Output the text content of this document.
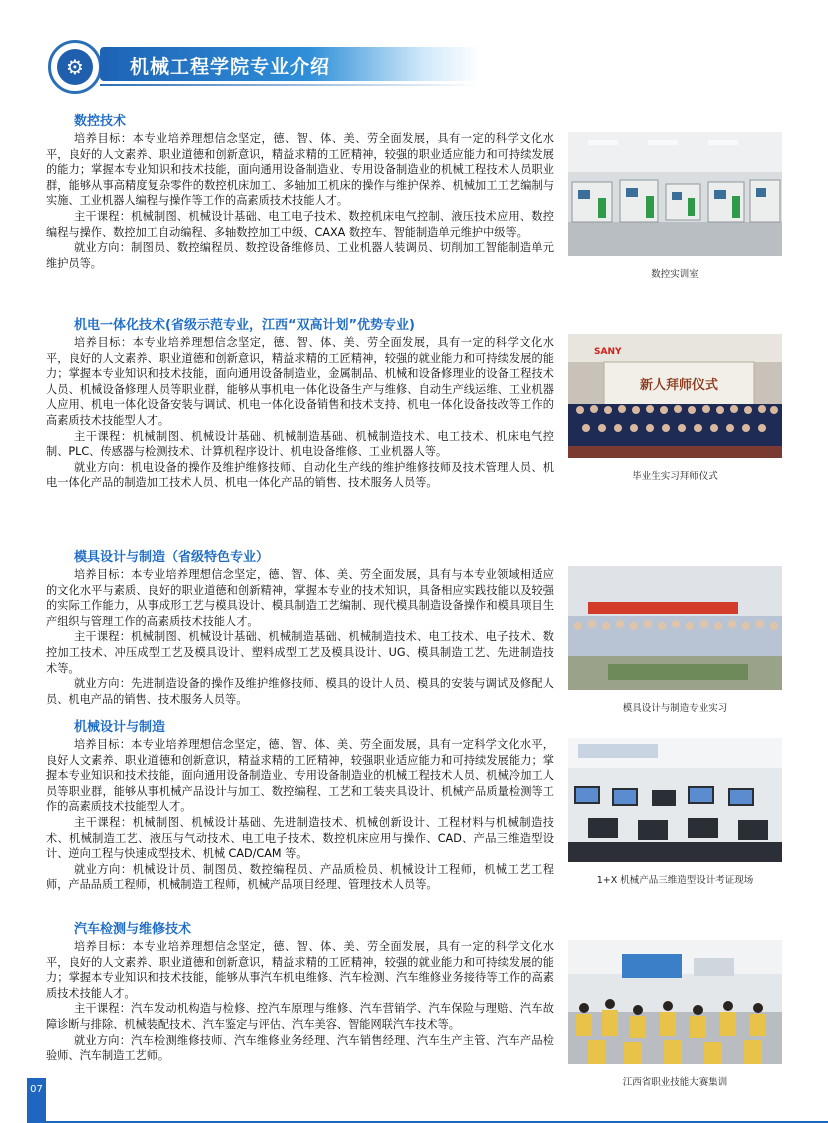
⚙	机械工程学院专业介绍
数控技术

培养目标：本专业培养理想信念坚定，德、智、体、美、劳全面发展，具有一定的科学文化水平，良好的人文素养、职业道德和创新意识，精益求精的工匠精神，较强的职业适应能力和可持续发展的能力；掌握本专业知识和技术技能，面向通用设备制造业、专用设备制造业的机械工程技术人员职业群，能够从事高精度复杂零件的数控机床加工、多轴加工机床的操作与维护保养、机械加工工艺编制与实施、工业机器人编程与操作等工作的高素质技术技能人才。

主干课程：机械制图、机械设计基础、电工电子技术、数控机床电气控制、液压技术应用、数控编程与操作、数控加工自动编程、多轴数控加工中级、CAXA 数控车、智能制造单元维护中级等。

就业方向：制图员、数控编程员、数控设备维修员、工业机器人装调员、切削加工智能制造单元维护员等。

机电一体化技术(省级示范专业，江西“双高计划”优势专业)

培养目标：本专业培养理想信念坚定，德、智、体、美、劳全面发展，具有一定的科学文化水平，良好的人文素养、职业道德和创新意识，精益求精的工匠精神，较强的就业能力和可持续发展的能力；掌握本专业知识和技术技能，面向通用设备制造业，金属制品、机械和设备修理业的设备工程技术人员、机械设备修理人员等职业群，能够从事机电一体化设备生产与维修、自动生产线运维、工业机器人应用、机电一体化设备安装与调试、机电一体化设备销售和技术支持、机电一体化设备技改等工作的高素质技术技能型人才。

主干课程：机械制图、机械设计基础、机械制造基础、机械制造技术、电工技术、机床电气控制、PLC、传感器与检测技术、计算机程序设计、机电设备维修、工业机器人等。

就业方向：机电设备的操作及维护维修技师、自动化生产线的维护维修技师及技术管理人员、机电一体化产品的制造加工技术人员、机电一体化产品的销售、技术服务人员等。

模具设计与制造（省级特色专业）

培养目标：本专业培养理想信念坚定，德、智、体、美、劳全面发展，具有与本专业领域相适应的文化水平与素质、良好的职业道德和创新精神，掌握本专业的技术知识，具备相应实践技能以及较强的实际工作能力，从事成形工艺与模具设计、模具制造工艺编制、现代模具制造设备操作和模具项目生产组织与管理工作的高素质技术技能人才。

主干课程：机械制图、机械设计基础、机械制造基础、机械制造技术、电工技术、电子技术、数控加工技术、冲压成型工艺及模具设计、塑料成型工艺及模具设计、UG、模具制造工艺、先进制造技术等。

就业方向：先进制造设备的操作及维护维修技师、模具的设计人员、模具的安装与调试及修配人员、机电产品的销售、技术服务人员等。

机械设计与制造

培养目标：本专业培养理想信念坚定，德、智、体、美、劳全面发展，具有一定科学文化水平，良好人文素养、职业道德和创新意识，精益求精的工匠精神，较强职业适应能力和可持续发展能力；掌握本专业知识和技术技能，面向通用设备制造业、专用设备制造业的机械工程技术人员、机械冷加工人员等职业群，能够从事机械产品设计与加工、数控编程、工艺和工装夹具设计、机械产品质量检测等工作的高素质技术技能型人才。

主干课程：机械制图、机械设计基础、先进制造技术、机械创新设计、工程材料与机械制造技术、机械制造工艺、液压与气动技术、电工电子技术、数控机床应用与操作、CAD、产品三维造型设计、逆向工程与快速成型技术、机械 CAD/CAM 等。

就业方向：机械设计员、制图员、数控编程员、产品质检员、机械设计工程师，机械工艺工程师，产品品质工程师，机械制造工程师，机械产品项目经理、管理技术人员等。

汽车检测与维修技术

培养目标：本专业培养理想信念坚定，德、智、体、美、劳全面发展，具有一定的科学文化水平，良好的人文素养、职业道德和创新意识，精益求精的工匠精神，较强的就业能力和可持续发展的能力；掌握本专业知识和技术技能，能够从事汽车机电维修、汽车检测、汽车维修业务接待等工作的高素质技术技能人才。

主干课程：汽车发动机构造与检修、控汽车原理与维修、汽车营销学、汽车保险与理赔、汽车故障诊断与排除、机械装配技术、汽车鉴定与评估、汽车美容、智能网联汽车技术等。

就业方向：汽车检测维修技师、汽车维修业务经理、汽车销售经理、汽车生产主管、汽车产品检验师、汽车制造工艺师。

数控实训室
SANY
新人拜师仪式
毕业生实习拜师仪式
模具设计与制造专业实习
1+X 机械产品三维造型设计考证现场
江西省职业技能大赛集训
07
